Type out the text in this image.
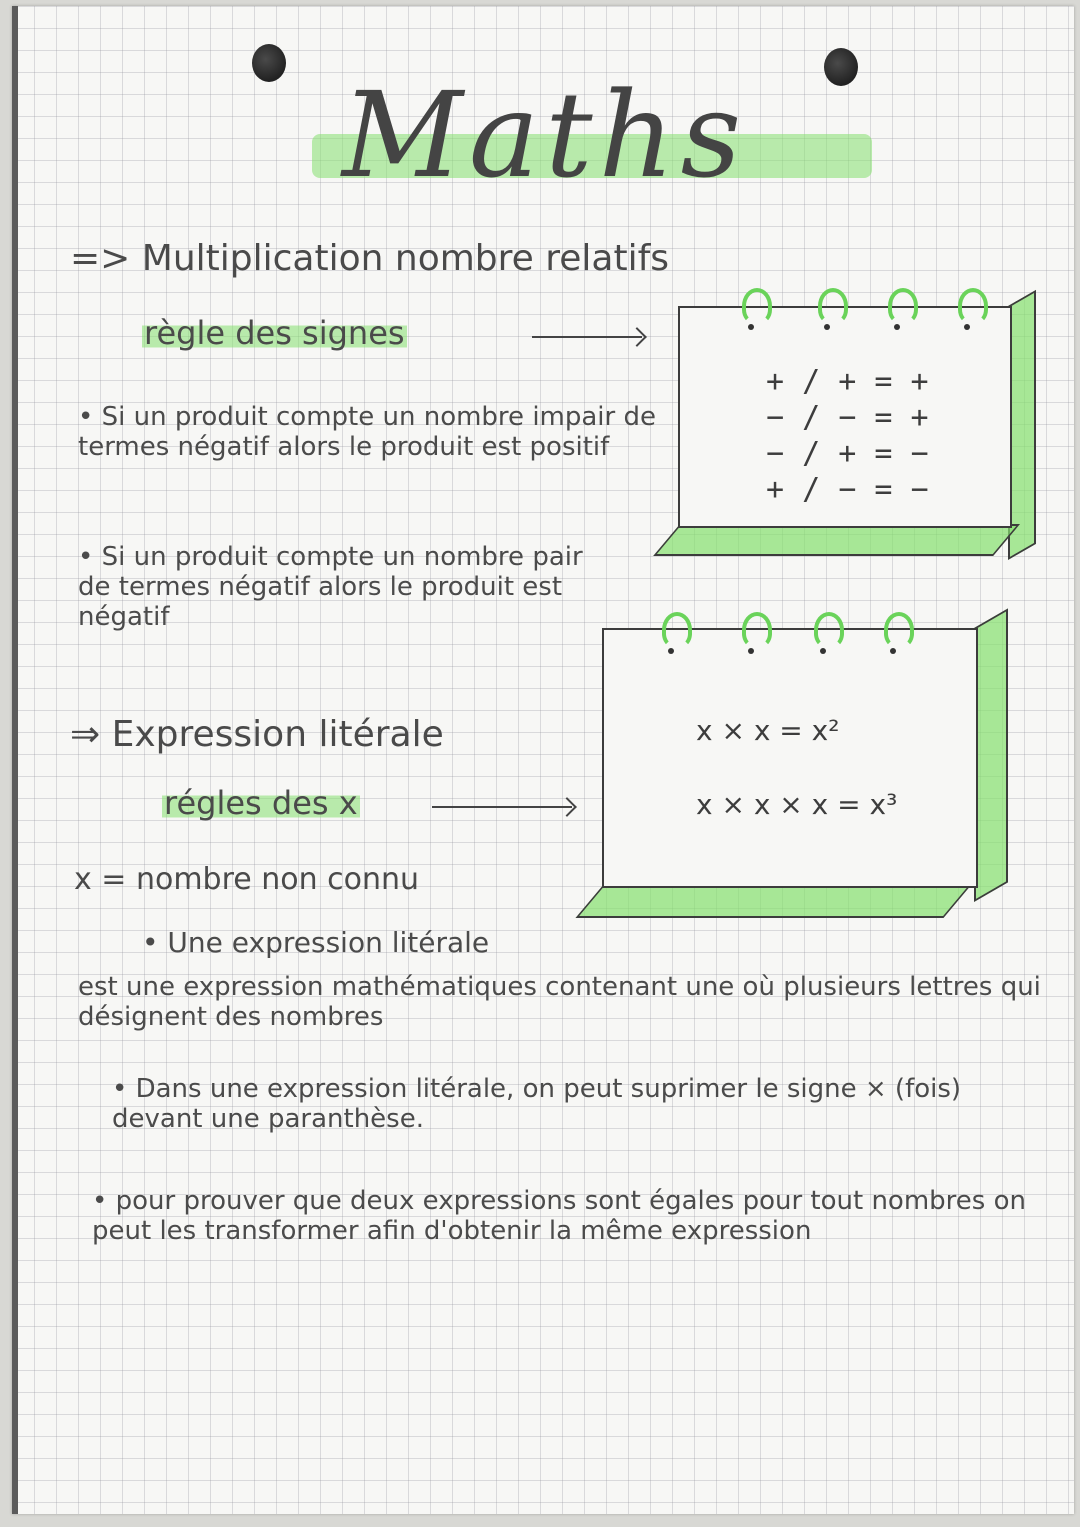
Maths
=> Multiplication nombre relatifs
règle des signes
• Si un produit compte un nombre impair de termes négatif alors le produit est positif
• Si un produit compte un nombre pair de termes négatif alors le produit est négatif
+ / + = +
− / − = +
− / + = −
+ / − = −
⇒ Expression litérale
régles des x
x = nombre non connu
x × x = x²
x × x × x = x³
• Une expression litérale
est une expression mathématiques contenant une où plusieurs lettres qui désignent des nombres
• Dans une expression litérale, on peut suprimer le signe × (fois) devant une paranthèse.
• pour prouver que deux expressions sont égales pour tout nombres on peut les transformer afin d'obtenir la même expression
